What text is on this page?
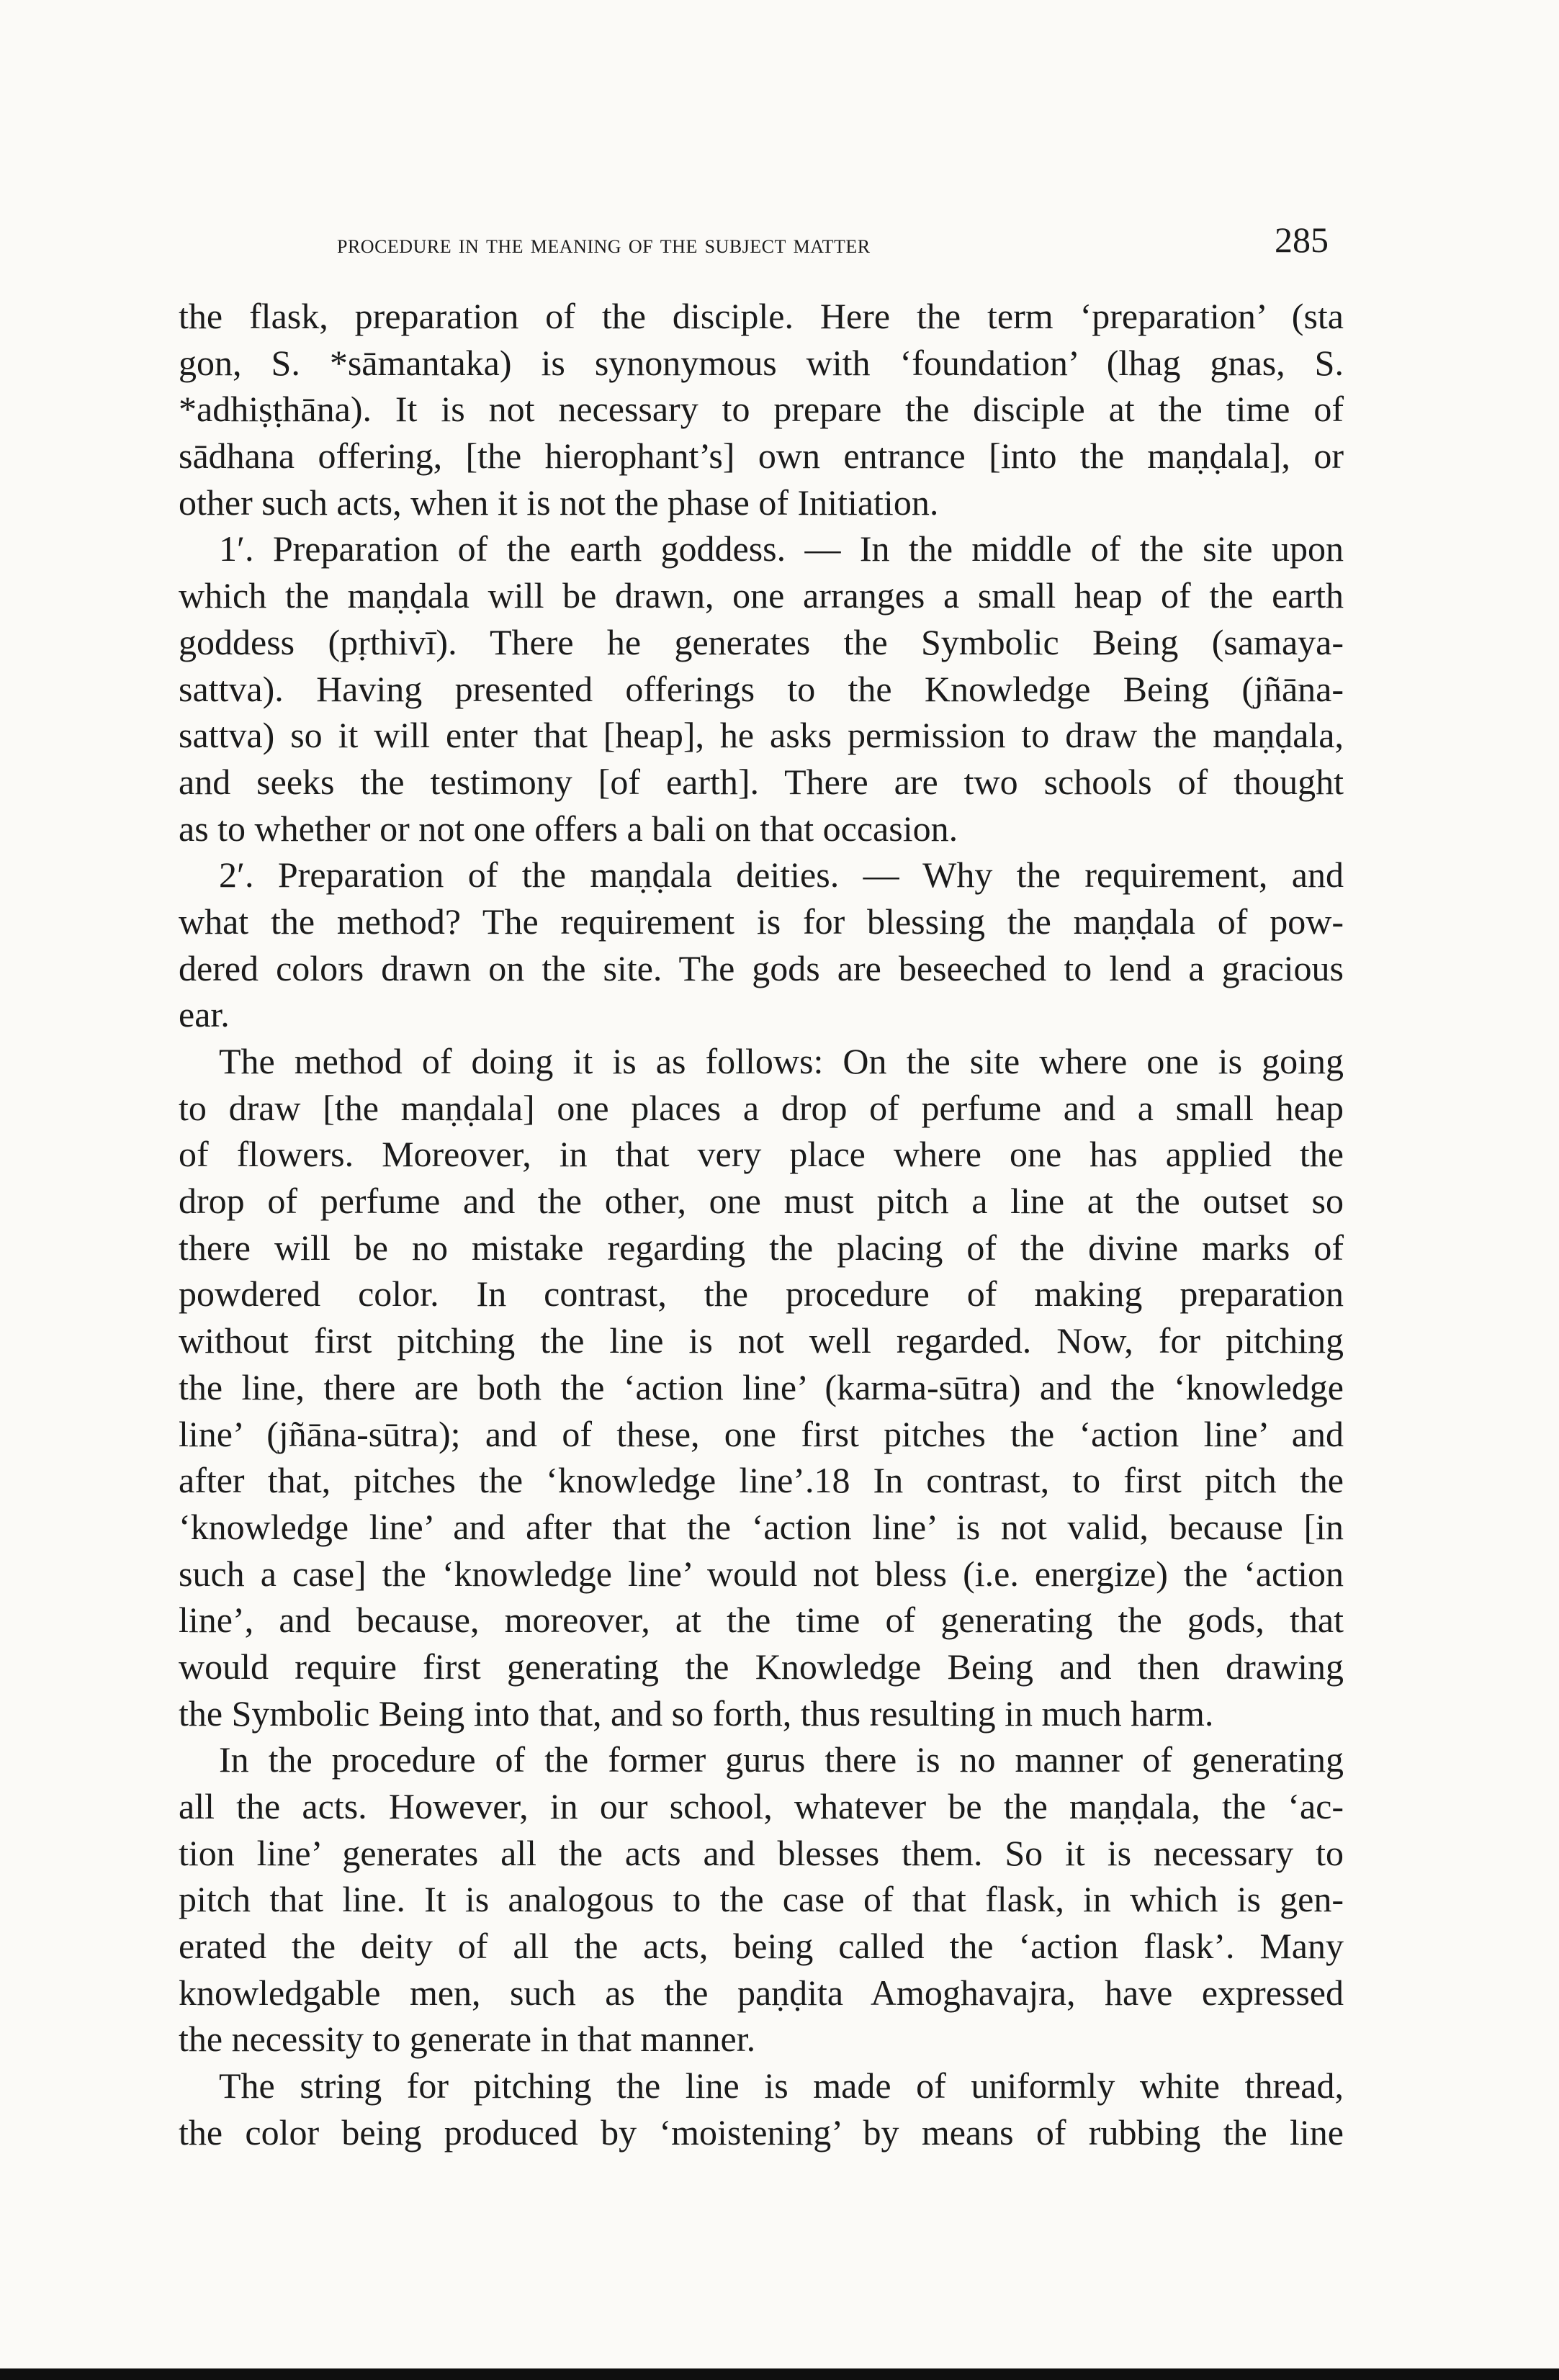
procedure in the meaning of the subject matter	285
the flask, preparation of the disciple. Here the term ‘preparation’ (sta
gon, S. *sāmantaka) is synonymous with ‘foundation’ (lhag gnas, S.
*adhiṣṭhāna). It is not necessary to prepare the disciple at the time of
sādhana offering, [the hierophant’s] own entrance [into the maṇḍala], or
other such acts, when it is not the phase of Initiation.
1′. Preparation of the earth goddess. — In the middle of the site upon
which the maṇḍala will be drawn, one arranges a small heap of the earth
goddess (pṛthivī). There he generates the Symbolic Being (samaya-
sattva). Having presented offerings to the Knowledge Being (jñāna-
sattva) so it will enter that [heap], he asks permission to draw the maṇḍala,
and seeks the testimony [of earth]. There are two schools of thought
as to whether or not one offers a bali on that occasion.
2′. Preparation of the maṇḍala deities. — Why the requirement, and
what the method? The requirement is for blessing the maṇḍala of pow-
dered colors drawn on the site. The gods are beseeched to lend a gracious
ear.
The method of doing it is as follows: On the site where one is going
to draw [the maṇḍala] one places a drop of perfume and a small heap
of flowers. Moreover, in that very place where one has applied the
drop of perfume and the other, one must pitch a line at the outset so
there will be no mistake regarding the placing of the divine marks of
powdered color. In contrast, the procedure of making preparation
without first pitching the line is not well regarded. Now, for pitching
the line, there are both the ‘action line’ (karma-sūtra) and the ‘knowledge
line’ (jñāna-sūtra); and of these, one first pitches the ‘action line’ and
after that, pitches the ‘knowledge line’.18 In contrast, to first pitch the
‘knowledge line’ and after that the ‘action line’ is not valid, because [in
such a case] the ‘knowledge line’ would not bless (i.e. energize) the ‘action
line’, and because, moreover, at the time of generating the gods, that
would require first generating the Knowledge Being and then drawing
the Symbolic Being into that, and so forth, thus resulting in much harm.
In the procedure of the former gurus there is no manner of generating
all the acts. However, in our school, whatever be the maṇḍala, the ‘ac-
tion line’ generates all the acts and blesses them. So it is necessary to
pitch that line. It is analogous to the case of that flask, in which is gen-
erated the deity of all the acts, being called the ‘action flask’. Many
knowledgable men, such as the paṇḍita Amoghavajra, have expressed
the necessity to generate in that manner.
The string for pitching the line is made of uniformly white thread,
the color being produced by ‘moistening’ by means of rubbing the line
